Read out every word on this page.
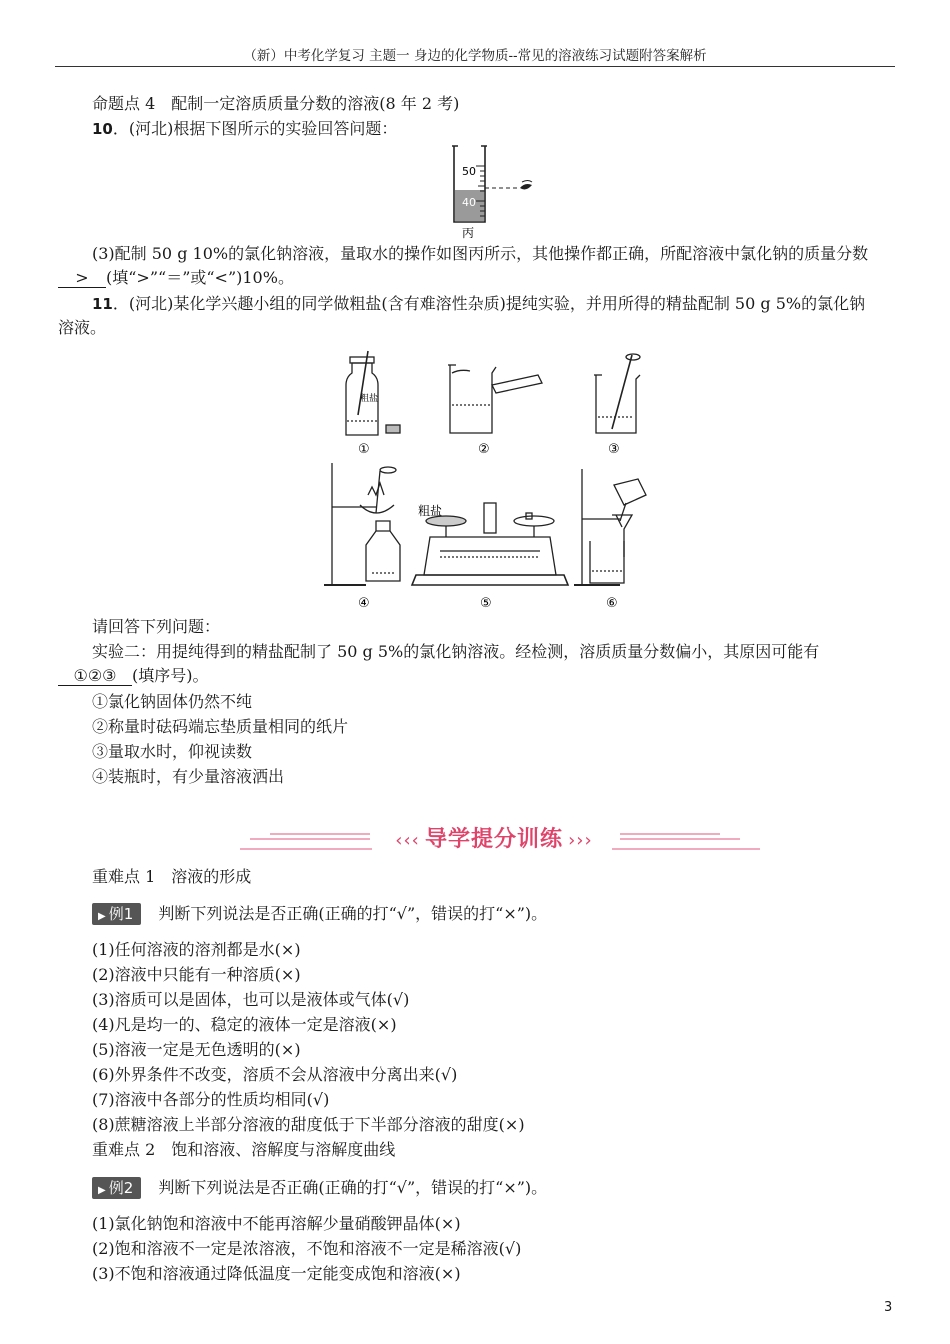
（新）中考化学复习 主题一 身边的化学物质--常见的溶液练习试题附答案解析
命题点 4　配制一定溶质质量分数的溶液(8 年 2 考)
10．(河北)根据下图所示的实验回答问题：
50
40
丙
(3)配制 50 g 10%的氯化钠溶液，量取水的操作如图丙所示，其他操作都正确，所配溶液中氯化钠的质量分数
> (填“>”“＝”或“<”)10%。
11．(河北)某化学兴趣小组的同学做粗盐(含有难溶性杂质)提纯实验，并用所得的精盐配制 50 g 5%的氯化钠
溶液。
粗盐
粗盐
①	②	③
④	⑤	⑥
请回答下列问题：
实验二：用提纯得到的精盐配制了 50 g 5%的氯化钠溶液。经检测，溶质质量分数偏小，其原因可能有
①②③ (填序号)。
①氯化钠固体仍然不纯
②称量时砝码端忘垫质量相同的纸片
③量取水时，仰视读数
④装瓶时，有少量溶液洒出
‹‹‹ 导学提分训练 ›››
重难点 1　溶液的形成
▶ 例1 判断下列说法是否正确(正确的打“√”，错误的打“×”)。
(1)任何溶液的溶剂都是水(×)
(2)溶液中只能有一种溶质(×)
(3)溶质可以是固体，也可以是液体或气体(√)
(4)凡是均一的、稳定的液体一定是溶液(×)
(5)溶液一定是无色透明的(×)
(6)外界条件不改变，溶质不会从溶液中分离出来(√)
(7)溶液中各部分的性质均相同(√)
(8)蔗糖溶液上半部分溶液的甜度低于下半部分溶液的甜度(×)
重难点 2　饱和溶液、溶解度与溶解度曲线
▶ 例2 判断下列说法是否正确(正确的打“√”，错误的打“×”)。
(1)氯化钠饱和溶液中不能再溶解少量硝酸钾晶体(×)
(2)饱和溶液不一定是浓溶液，不饱和溶液不一定是稀溶液(√)
(3)不饱和溶液通过降低温度一定能变成饱和溶液(×)
3
